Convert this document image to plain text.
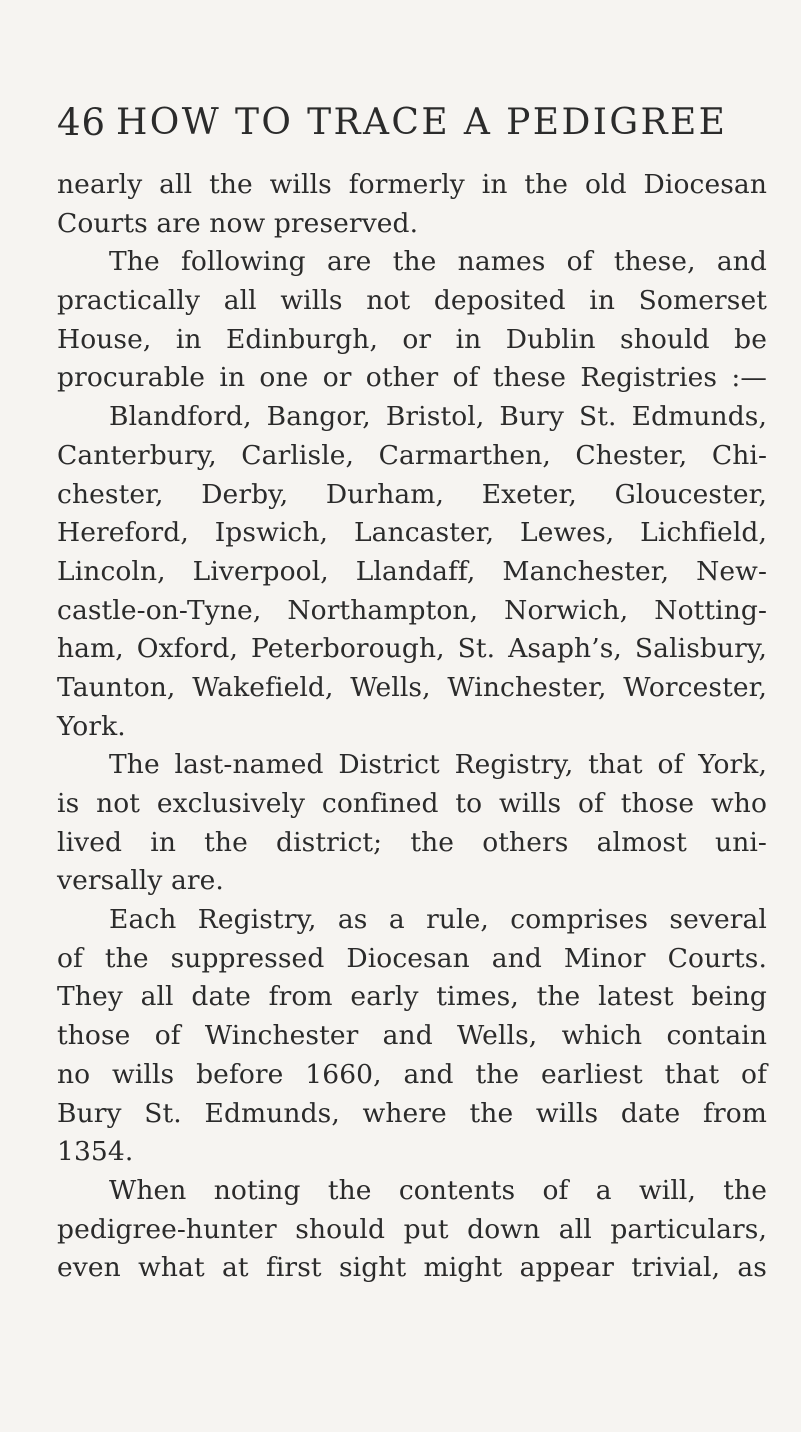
46 HOW TO TRACE A PEDIGREE
nearly all the wills formerly in the old Diocesan
Courts are now preserved.
The following are the names of these, and
practically all wills not deposited in Somerset
House, in Edinburgh, or in Dublin should be
procurable in one or other of these Registries :—
Blandford, Bangor, Bristol, Bury St. Edmunds,
Canterbury, Carlisle, Carmarthen, Chester, Chi-
chester, Derby, Durham, Exeter, Gloucester,
Hereford, Ipswich, Lancaster, Lewes, Lichfield,
Lincoln, Liverpool, Llandaff, Manchester, New-
castle-on-Tyne, Northampton, Norwich, Notting-
ham, Oxford, Peterborough, St. Asaph’s, Salisbury,
Taunton, Wakefield, Wells, Winchester, Worcester,
York.
The last-named District Registry, that of York,
is not exclusively confined to wills of those who
lived in the district; the others almost uni-
versally are.
Each Registry, as a rule, comprises several
of the suppressed Diocesan and Minor Courts.
They all date from early times, the latest being
those of Winchester and Wells, which contain
no wills before 1660, and the earliest that of
Bury St. Edmunds, where the wills date from
1354.
When noting the contents of a will, the
pedigree-hunter should put down all particulars,
even what at first sight might appear trivial, as
